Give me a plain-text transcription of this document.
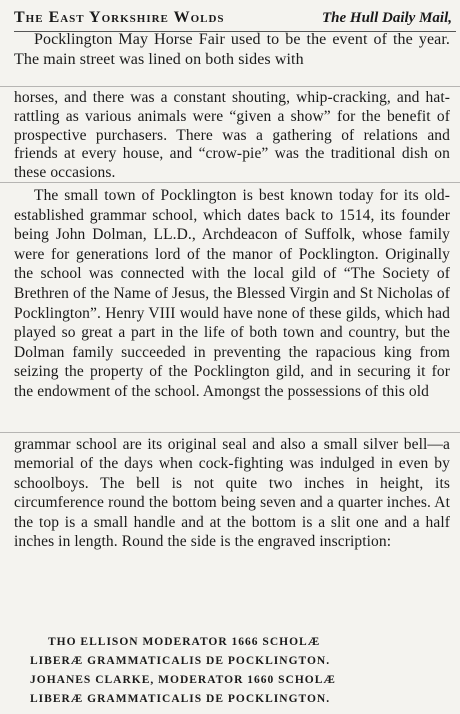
The East Yorkshire Wolds	The Hull Daily Mail,

Pocklington May Horse Fair used to be the event of the year. The main street was lined on both sides with

horses, and there was a constant shouting, whip-cracking, and hat-rattling as various animals were “given a show” for the benefit of prospective purchasers. There was a gathering of relations and friends at every house, and “crow-pie” was the traditional dish on these occasions.

The small town of Pocklington is best known today for its old-established grammar school, which dates back to 1514, its founder being John Dolman, LL.D., Archdeacon of Suffolk, whose family were for generations lord of the manor of Pocklington. Originally the school was connected with the local gild of “The Society of Brethren of the Name of Jesus, the Blessed Virgin and St Nicholas of Pocklington”. Henry VIII would have none of these gilds, which had played so great a part in the life of both town and country, but the Dolman family succeeded in preventing the rapacious king from seizing the property of the Pocklington gild, and in securing it for the endowment of the school. Amongst the possessions of this old

grammar school are its original seal and also a small silver bell—a memorial of the days when cock-fighting was indulged in even by schoolboys. The bell is not quite two inches in height, its circumference round the bottom being seven and a quarter inches. At the top is a small handle and at the bottom is a slit one and a half inches in length. Round the side is the engraved inscription:

THO ELLISON MODERATOR 1666 SCHOLÆ
LIBERÆ GRAMMATICALIS DE POCKLINGTON.
JOHANES CLARKE, MODERATOR 1660 SCHOLÆ
LIBERÆ GRAMMATICALIS DE POCKLINGTON.
